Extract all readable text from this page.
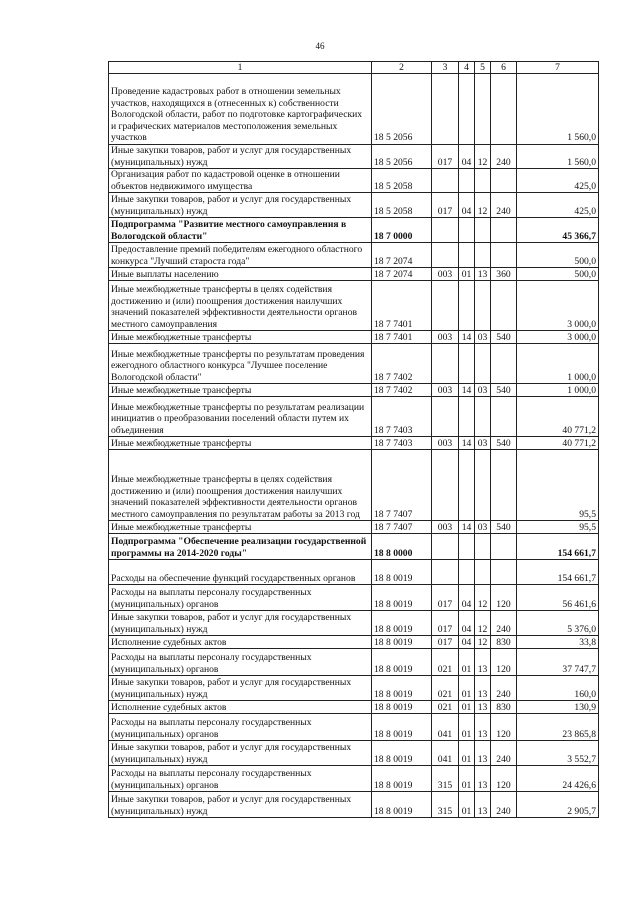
46
1	2	3	4	5	6	7
Проведение кадастровых работ в отношении земельных участков, находящихся в (отнесенных к) собственности Вологодской области, работ по подготовке картографических и графических материалов местоположения земельных участков	18 5 2056					1 560,0
Иные закупки товаров, работ и услуг для государственных (муниципальных) нужд	18 5 2056	017	04	12	240	1 560,0
Организация работ по кадастровой оценке в отношении объектов недвижимого имущества	18 5 2058					425,0
Иные закупки товаров, работ и услуг для государственных (муниципальных) нужд	18 5 2058	017	04	12	240	425,0
Подпрограмма "Развитие местного самоуправления в Вологодской области"	18 7 0000					45 366,7
Предоставление премий победителям ежегодного областного конкурса "Лучший староста года"	18 7 2074					500,0
Иные выплаты населению	18 7 2074	003	01	13	360	500,0
Иные межбюджетные трансферты в целях содействия достижению и (или) поощрения достижения наилучших значений показателей эффективности деятельности органов местного самоуправления	18 7 7401					3 000,0
Иные межбюджетные трансферты	18 7 7401	003	14	03	540	3 000,0
Иные межбюджетные трансферты по результатам проведения ежегодного областного конкурса "Лучшее поселение Вологодской области"	18 7 7402					1 000,0
Иные межбюджетные трансферты	18 7 7402	003	14	03	540	1 000,0
Иные межбюджетные трансферты по результатам реализации инициатив о преобразовании поселений области путем их объединения	18 7 7403					40 771,2
Иные межбюджетные трансферты	18 7 7403	003	14	03	540	40 771,2
Иные межбюджетные трансферты в целях содействия достижению и (или) поощрения достижения наилучших значений показателей эффективности деятельности органов местного самоуправления по результатам работы за 2013 год	18 7 7407					95,5
Иные межбюджетные трансферты	18 7 7407	003	14	03	540	95,5
Подпрограмма "Обеспечение реализации государственной программы на 2014-2020 годы"	18 8 0000					154 661,7
Расходы на обеспечение функций государственных органов	18 8 0019					154 661,7
Расходы на выплаты персоналу государственных (муниципальных) органов	18 8 0019	017	04	12	120	56 461,6
Иные закупки товаров, работ и услуг для государственных (муниципальных) нужд	18 8 0019	017	04	12	240	5 376,0
Исполнение судебных актов	18 8 0019	017	04	12	830	33,8
Расходы на выплаты персоналу государственных (муниципальных) органов	18 8 0019	021	01	13	120	37 747,7
Иные закупки товаров, работ и услуг для государственных (муниципальных) нужд	18 8 0019	021	01	13	240	160,0
Исполнение судебных актов	18 8 0019	021	01	13	830	130,9
Расходы на выплаты персоналу государственных (муниципальных) органов	18 8 0019	041	01	13	120	23 865,8
Иные закупки товаров, работ и услуг для государственных (муниципальных) нужд	18 8 0019	041	01	13	240	3 552,7
Расходы на выплаты персоналу государственных (муниципальных) органов	18 8 0019	315	01	13	120	24 426,6
Иные закупки товаров, работ и услуг для государственных (муниципальных) нужд	18 8 0019	315	01	13	240	2 905,7
